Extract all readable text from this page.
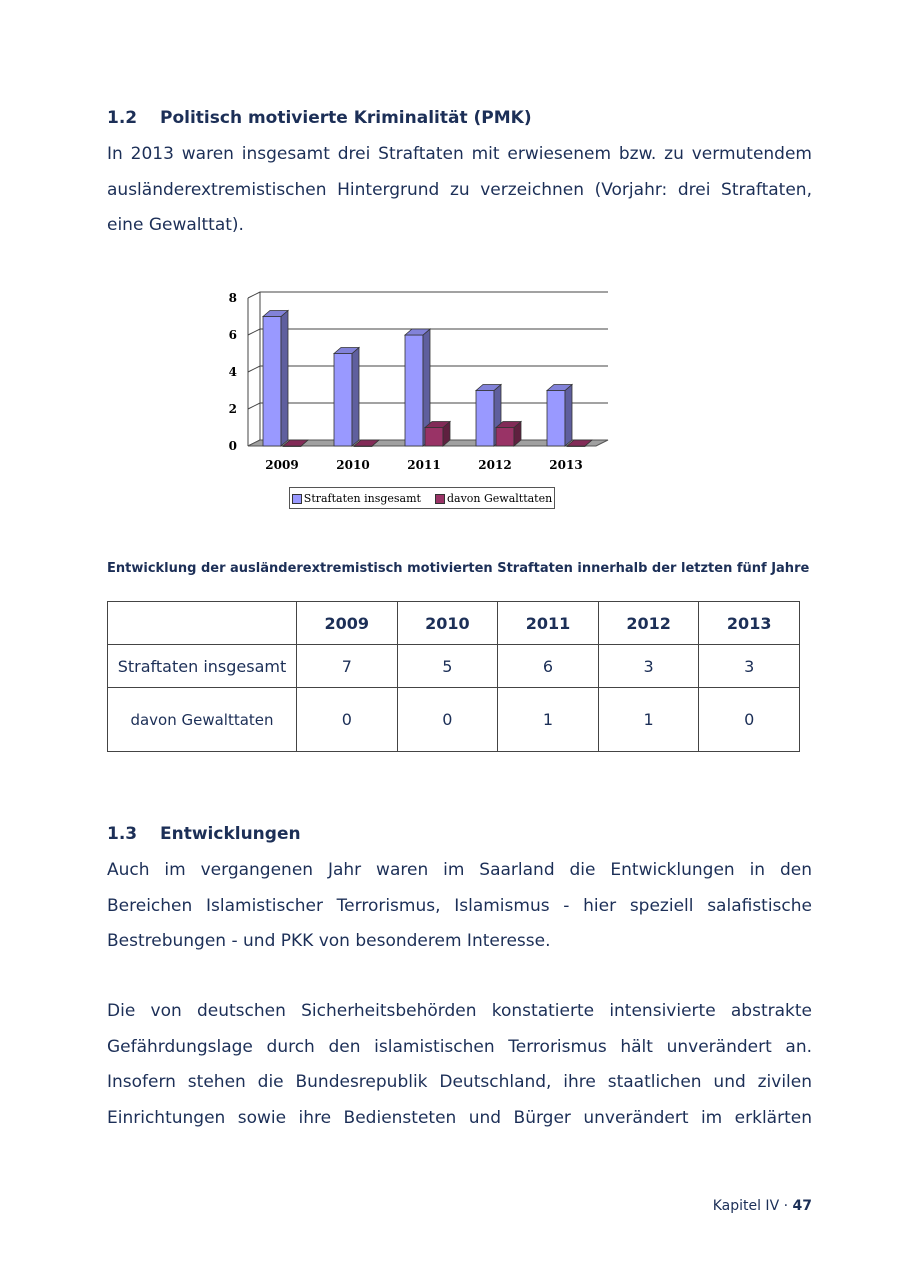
1.2 Politisch motivierte Kriminalität (PMK)
In 2013 waren insgesamt drei Straftaten mit erwiesenem bzw. zu vermutendem
ausländerextremistischen Hintergrund zu verzeichnen (Vorjahr: drei Straftaten,
eine Gewalttat).
0
2
4
6
8
2009	2010	2011	2012	2013
Straftaten insgesamt	davon Gewalttaten
Entwicklung der ausländerextremistisch motivierten Straftaten innerhalb der letzten fünf Jahre
	2009	2010	2011	2012	2013
Straftaten insgesamt	7	5	6	3	3
davon Gewalttaten	0	0	1	1	0
1.3 Entwicklungen
Auch im vergangenen Jahr waren im Saarland die Entwicklungen in den
Bereichen Islamistischer Terrorismus, Islamismus - hier speziell salafistische
Bestrebungen - und PKK von besonderem Interesse.
Die von deutschen Sicherheitsbehörden konstatierte intensivierte abstrakte
Gefährdungslage durch den islamistischen Terrorismus hält unverändert an.
Insofern stehen die Bundesrepublik Deutschland, ihre staatlichen und zivilen
Einrichtungen sowie ihre Bediensteten und Bürger unverändert im erklärten
Kapitel IV · 47
